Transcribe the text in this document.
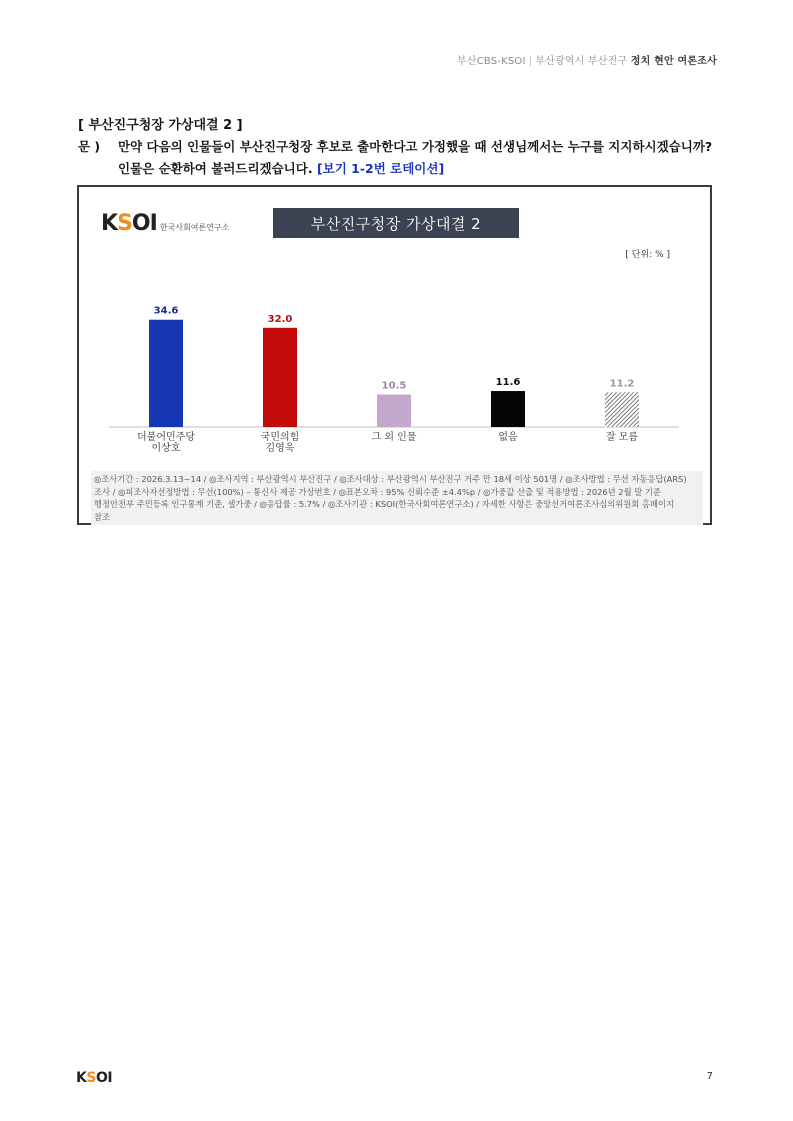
부산CBS-KSOI | 부산광역시 부산진구 정치 현안 여론조사
[ 부산진구청장 가상대결 2 ]
문 ) 만약 다음의 인물들이 부산진구청장 후보로 출마한다고 가정했을 때 선생님께서는 누구를 지지하시겠습니까?
인물은 순환하여 불러드리겠습니다. [보기 1-2번 로테이션]
KSOI 한국사회여론연구소	부산진구청장 가상대결 2
[ 단위: % ]
34.6
더불어민주당
이상호
32.0
국민의힘
김영욱
10.5
그 외 인물
11.6
없음
11.2
잘 모름
◎조사기간 : 2026.3.13~14 / ◎조사지역 : 부산광역시 부산진구 / ◎조사대상 : 부산광역시 부산진구 거주 만 18세 이상 501명 / ◎조사방법 : 무선 자동응답(ARS)
조사 / ◎피조사자선정방법 : 무선(100%) – 통신사 제공 가상번호 / ◎표본오차 : 95% 신뢰수준 ±4.4%p / ◎가중값 산출 및 적용방법 : 2026년 2월 말 기준
행정안전부 주민등록 인구통계 기준, 셀가중 / ◎응답률 : 5.7% / ◎조사기관 : KSOI(한국사회여론연구소) / 자세한 사항은 중앙선거여론조사심의위원회 홈페이지
참조
KSOI	7
